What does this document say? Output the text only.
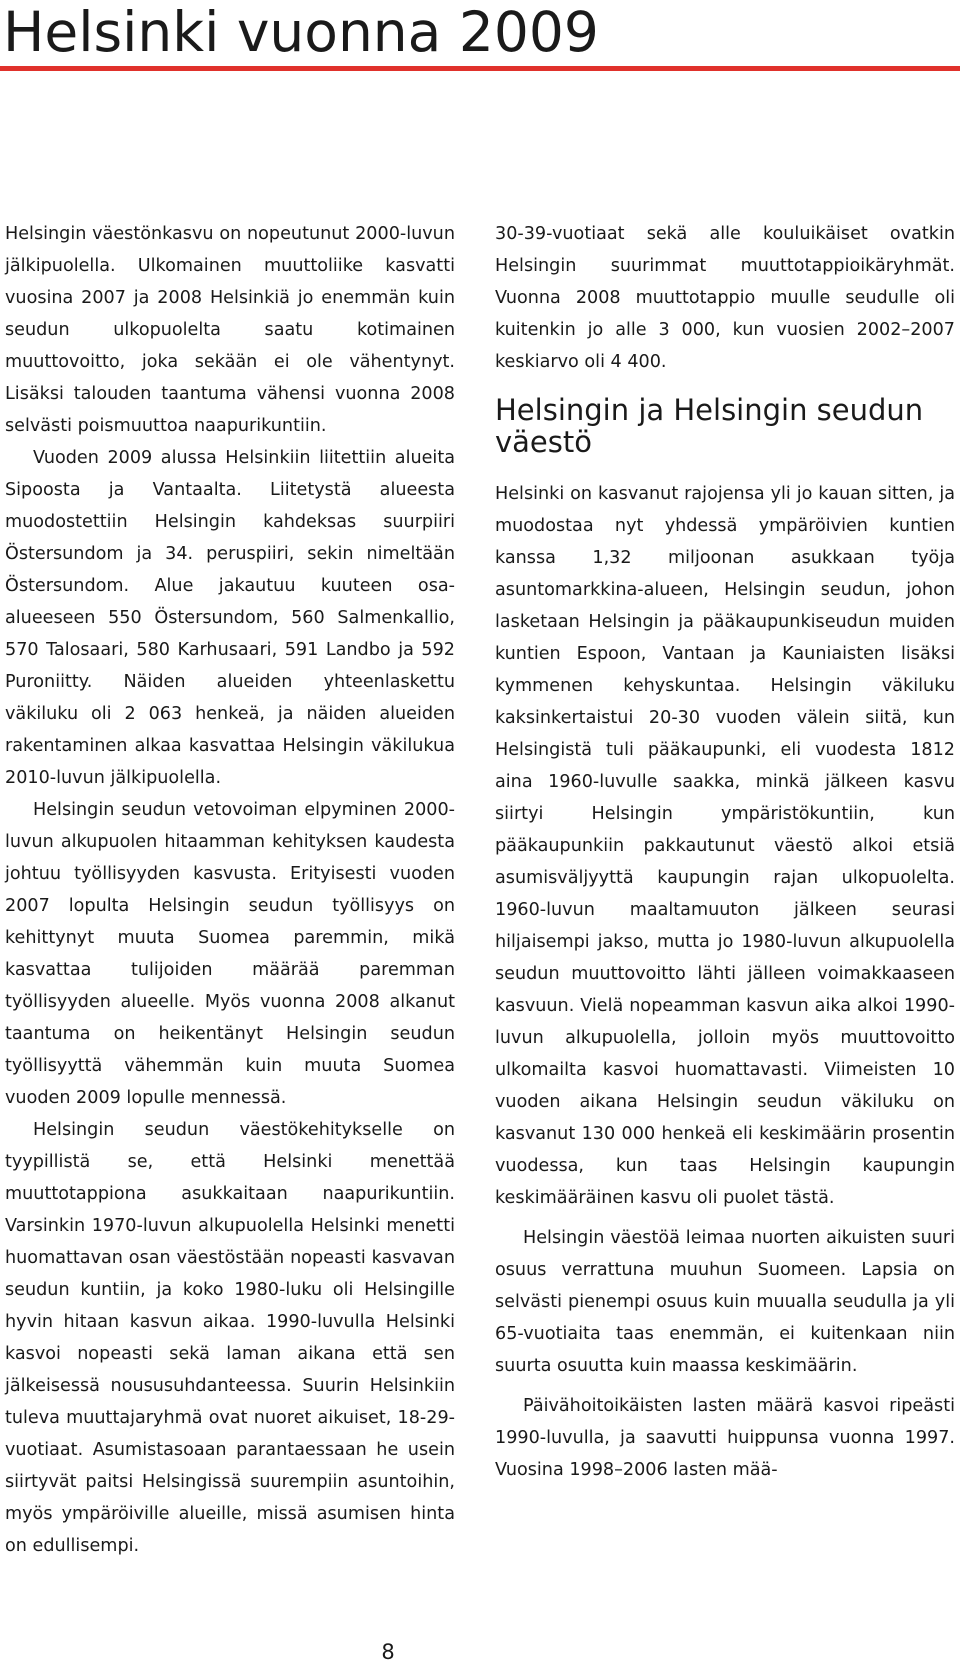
Helsinki vuonna 2009

Helsingin väestönkasvu on nopeutunut 2000-luvun jälkipuolella. Ulkomainen muuttoliike kasvatti vuosina 2007 ja 2008 Helsinkiä jo enemmän kuin seudun ulkopuolelta saatu kotimainen muuttovoitto, joka sekään ei ole vähentynyt. Lisäksi talouden taantuma vähensi vuonna 2008 selvästi poismuuttoa naapurikuntiin.

Vuoden 2009 alussa Helsinkiin liitettiin alueita Sipoosta ja Vantaalta. Liitetystä alueesta muodostettiin Helsingin kahdeksas suurpiiri Östersundom ja 34. peruspiiri, sekin nimeltään Östersundom. Alue jakautuu kuuteen osa-alueeseen 550 Östersundom, 560 Salmenkallio, 570 Talosaari, 580 Karhusaari, 591 Landbo ja 592 Puroniitty. Näiden alueiden yhteenlaskettu väkiluku oli 2 063 henkeä, ja näiden alueiden rakentaminen alkaa kasvattaa Helsingin väkilukua 2010-luvun jälkipuolella.

Helsingin seudun vetovoiman elpyminen 2000-luvun alkupuolen hitaamman kehityksen kaudesta johtuu työllisyyden kasvusta. Erityisesti vuoden 2007 lopulta Helsingin seudun työllisyys on kehittynyt muuta Suomea paremmin, mikä kasvattaa tulijoiden määrää paremman työllisyyden alueelle. Myös vuonna 2008 alkanut taantuma on heikentänyt Helsingin seudun työllisyyttä vähemmän kuin muuta Suomea vuoden 2009 lopulle mennessä.

Helsingin seudun väestökehitykselle on tyypillistä se, että Helsinki menettää muuttotappiona asukkaitaan naapurikuntiin. Varsinkin 1970-luvun alkupuolella Helsinki menetti huomattavan osan väestöstään nopeasti kasvavan seudun kuntiin, ja koko 1980-luku oli Helsingille hyvin hitaan kasvun aikaa. 1990-luvulla Helsinki kasvoi nopeasti sekä laman aikana että sen jälkeisessä noususuhdanteessa. Suurin Helsinkiin tuleva muuttajaryhmä ovat nuoret aikuiset, 18-29-vuotiaat. Asumistasoaan parantaessaan he usein siirtyvät paitsi Helsingissä suurempiin asuntoihin, myös ympäröiville alueille, missä asumisen hinta on edullisempi.

30-39-vuotiaat sekä alle kouluikäiset ovatkin Helsingin suurimmat muuttotappioikäryhmät. Vuonna 2008 muuttotappio muulle seudulle oli kuitenkin jo alle 3 000, kun vuosien 2002–2007 keskiarvo oli 4 400.

Helsingin ja Helsingin seudun väestö

Helsinki on kasvanut rajojensa yli jo kauan sitten, ja muodostaa nyt yhdessä ympäröivien kuntien kanssa 1,32 miljoonan asukkaan työja asuntomarkkina-alueen, Helsingin seudun, johon lasketaan Helsingin ja pääkaupunkiseudun muiden kuntien Espoon, Vantaan ja Kauniaisten lisäksi kymmenen kehyskuntaa. Helsingin väkiluku kaksinkertaistui 20-30 vuoden välein siitä, kun Helsingistä tuli pääkaupunki, eli vuodesta 1812 aina 1960-luvulle saakka, minkä jälkeen kasvu siirtyi Helsingin ympäristökuntiin, kun pääkaupunkiin pakkautunut väestö alkoi etsiä asumisväljyyttä kaupungin rajan ulkopuolelta. 1960-luvun maaltamuuton jälkeen seurasi hiljaisempi jakso, mutta jo 1980-luvun alkupuolella seudun muuttovoitto lähti jälleen voimakkaaseen kasvuun. Vielä nopeamman kasvun aika alkoi 1990-luvun alkupuolella, jolloin myös muuttovoitto ulkomailta kasvoi huomattavasti. Viimeisten 10 vuoden aikana Helsingin seudun väkiluku on kasvanut 130 000 henkeä eli keskimäärin prosentin vuodessa, kun taas Helsingin kaupungin keskimääräinen kasvu oli puolet tästä.

Helsingin väestöä leimaa nuorten aikuisten suuri osuus verrattuna muuhun Suomeen. Lapsia on selvästi pienempi osuus kuin muualla seudulla ja yli 65-vuotiaita taas enemmän, ei kuitenkaan niin suurta osuutta kuin maassa keskimäärin.

Päivähoitoikäisten lasten määrä kasvoi ripeästi 1990-luvulla, ja saavutti huippunsa vuonna 1997. Vuosina 1998–2006 lasten mää-

8
